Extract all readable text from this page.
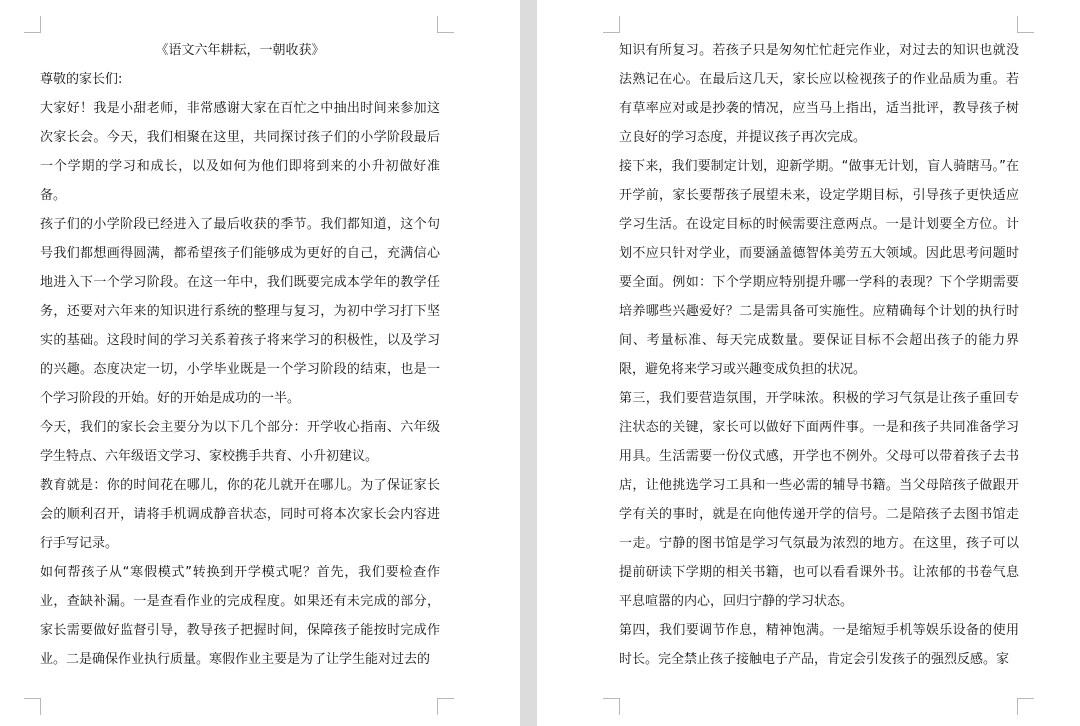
《语文六年耕耘，一朝收获》

尊敬的家长们:

大家好！我是小甜老师，非常感谢大家在百忙之中抽出时间来参加这次家长会。今天，我们相聚在这里，共同探讨孩子们的小学阶段最后一个学期的学习和成长，以及如何为他们即将到来的小升初做好准备。

孩子们的小学阶段已经进入了最后收获的季节。我们都知道，这个句号我们都想画得圆满，都希望孩子们能够成为更好的自己，充满信心地进入下一个学习阶段。在这一年中，我们既要完成本学年的教学任务，还要对六年来的知识进行系统的整理与复习，为初中学习打下坚实的基础。这段时间的学习关系着孩子将来学习的积极性，以及学习的兴趣。态度决定一切，小学毕业既是一个学习阶段的结束，也是一个学习阶段的开始。好的开始是成功的一半。

今天，我们的家长会主要分为以下几个部分：开学收心指南、六年级学生特点、六年级语文学习、家校携手共育、小升初建议。

教育就是：你的时间花在哪儿，你的花儿就开在哪儿。为了保证家长会的顺利召开，请将手机调成静音状态，同时可将本次家长会内容进行手写记录。

如何帮孩子从“寒假模式”转换到开学模式呢？首先，我们要检查作业，查缺补漏。一是查看作业的完成程度。如果还有未完成的部分，家长需要做好监督引导，教导孩子把握时间，保障孩子能按时完成作业。二是确保作业执行质量。寒假作业主要是为了让学生能对过去的

知识有所复习。若孩子只是匆匆忙忙赶完作业，对过去的知识也就没法熟记在心。在最后这几天，家长应以检视孩子的作业品质为重。若有草率应对或是抄袭的情况，应当马上指出，适当批评，教导孩子树立良好的学习态度，并提议孩子再次完成。

接下来，我们要制定计划，迎新学期。“做事无计划，盲人骑瞎马。”在开学前，家长要帮孩子展望未来，设定学期目标，引导孩子更快适应学习生活。在设定目标的时候需要注意两点。一是计划要全方位。计划不应只针对学业，而要涵盖德智体美劳五大领域。因此思考问题时要全面。例如：下个学期应特别提升哪一学科的表现？下个学期需要培养哪些兴趣爱好？二是需具备可实施性。应精确每个计划的执行时间、考量标准、每天完成数量。要保证目标不会超出孩子的能力界限，避免将来学习或兴趣变成负担的状况。

第三，我们要营造氛围，开学味浓。积极的学习气氛是让孩子重回专注状态的关键，家长可以做好下面两件事。一是和孩子共同准备学习用具。生活需要一份仪式感，开学也不例外。父母可以带着孩子去书店，让他挑选学习工具和一些必需的辅导书籍。当父母陪孩子做跟开学有关的事时，就是在向他传递开学的信号。二是陪孩子去图书馆走一走。宁静的图书馆是学习气氛最为浓烈的地方。在这里，孩子可以提前研读下学期的相关书籍，也可以看看课外书。让浓郁的书卷气息平息喧嚣的内心，回归宁静的学习状态。

第四，我们要调节作息，精神饱满。一是缩短手机等娱乐设备的使用时长。完全禁止孩子接触电子产品，肯定会引发孩子的强烈反感。家
